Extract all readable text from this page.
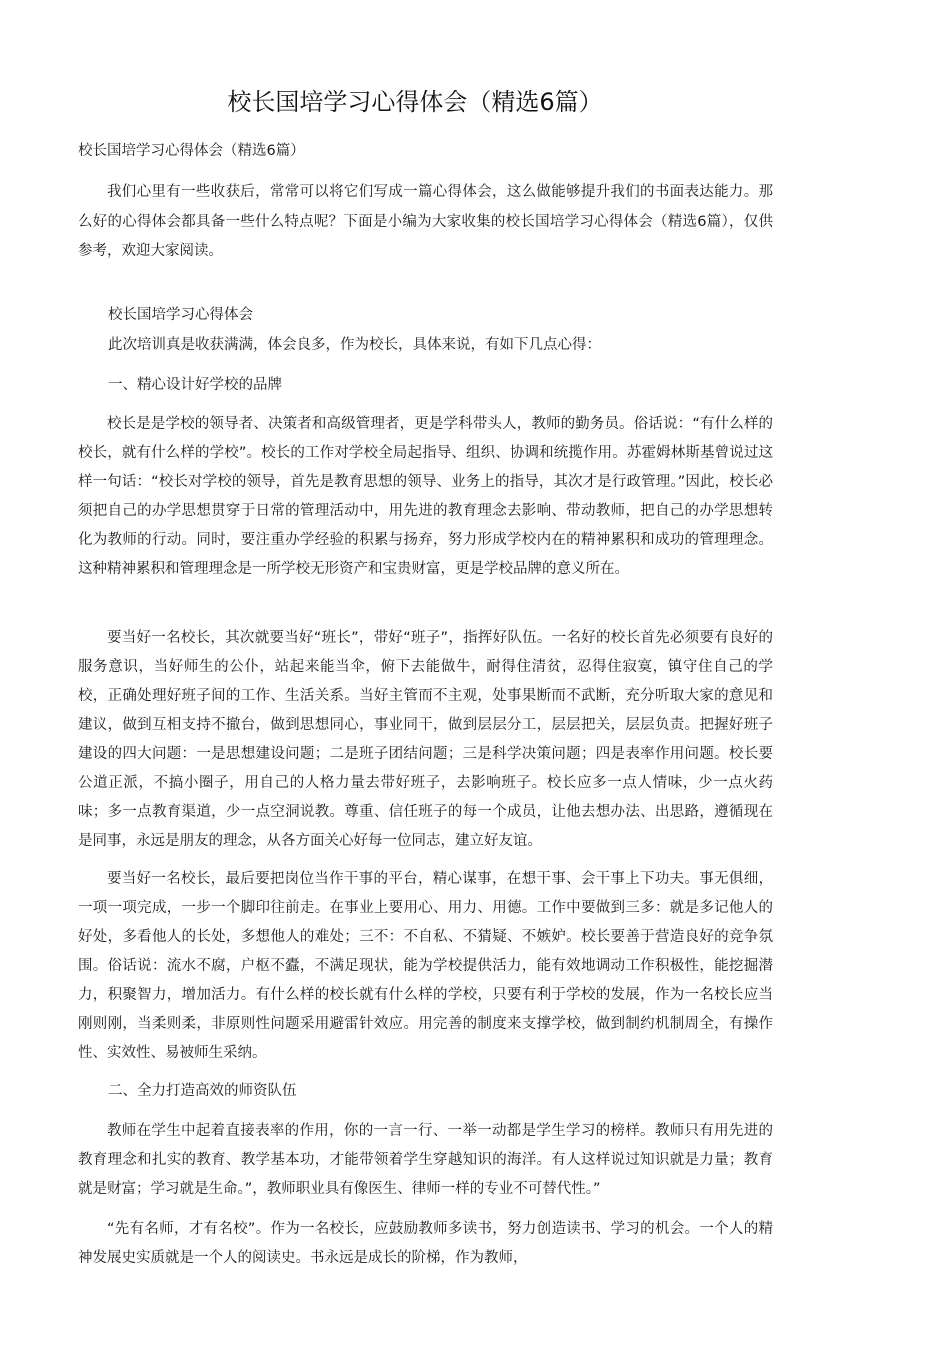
校长国培学习心得体会（精选6篇）

校长国培学习心得体会（精选6篇）

我们心里有一些收获后，常常可以将它们写成一篇心得体会，这么做能够提升我们的书面表达能力。那么好的心得体会都具备一些什么特点呢？下面是小编为大家收集的校长国培学习心得体会（精选6篇），仅供参考，欢迎大家阅读。

校长国培学习心得体会

此次培训真是收获满满，体会良多，作为校长，具体来说，有如下几点心得：

一、精心设计好学校的品牌

校长是是学校的领导者、决策者和高级管理者，更是学科带头人，教师的勤务员。俗话说：“有什么样的校长，就有什么样的学校”。校长的工作对学校全局起指导、组织、协调和统揽作用。苏霍姆林斯基曾说过这样一句话：“校长对学校的领导，首先是教育思想的领导、业务上的指导，其次才是行政管理。”因此，校长必须把自己的办学思想贯穿于日常的管理活动中，用先进的教育理念去影响、带动教师，把自己的办学思想转化为教师的行动。同时，要注重办学经验的积累与扬弃，努力形成学校内在的精神累积和成功的管理理念。这种精神累积和管理理念是一所学校无形资产和宝贵财富，更是学校品牌的意义所在。

要当好一名校长，其次就要当好“班长”，带好“班子”，指挥好队伍。一名好的校长首先必须要有良好的服务意识，当好师生的公仆，站起来能当伞，俯下去能做牛，耐得住清贫，忍得住寂寞，镇守住自己的学校，正确处理好班子间的工作、生活关系。当好主管而不主观，处事果断而不武断，充分听取大家的意见和建议，做到互相支持不撤台，做到思想同心，事业同干，做到层层分工，层层把关，层层负责。把握好班子建设的四大问题：一是思想建设问题；二是班子团结问题；三是科学决策问题；四是表率作用问题。校长要公道正派，不搞小圈子，用自己的人格力量去带好班子，去影响班子。校长应多一点人情味，少一点火药味；多一点教育渠道，少一点空洞说教。尊重、信任班子的每一个成员，让他去想办法、出思路，遵循现在是同事，永远是朋友的理念，从各方面关心好每一位同志，建立好友谊。

要当好一名校长，最后要把岗位当作干事的平台，精心谋事，在想干事、会干事上下功夫。事无俱细，一项一项完成，一步一个脚印往前走。在事业上要用心、用力、用德。工作中要做到三多：就是多记他人的好处，多看他人的长处，多想他人的难处；三不：不自私、不猜疑、不嫉妒。校长要善于营造良好的竞争氛围。俗话说：流水不腐，户枢不蠹，不满足现状，能为学校提供活力，能有效地调动工作积极性，能挖掘潜力，积聚智力，增加活力。有什么样的校长就有什么样的学校，只要有利于学校的发展，作为一名校长应当刚则刚，当柔则柔，非原则性问题采用避雷针效应。用完善的制度来支撑学校，做到制约机制周全，有操作性、实效性、易被师生采纳。

二、全力打造高效的师资队伍

教师在学生中起着直接表率的作用，你的一言一行、一举一动都是学生学习的榜样。教师只有用先进的教育理念和扎实的教育、教学基本功，才能带领着学生穿越知识的海洋。有人这样说过知识就是力量；教育就是财富；学习就是生命。”，教师职业具有像医生、律师一样的专业不可替代性。”

“先有名师，才有名校”。作为一名校长，应鼓励教师多读书，努力创造读书、学习的机会。一个人的精神发展史实质就是一个人的阅读史。书永远是成长的阶梯，作为教师，
